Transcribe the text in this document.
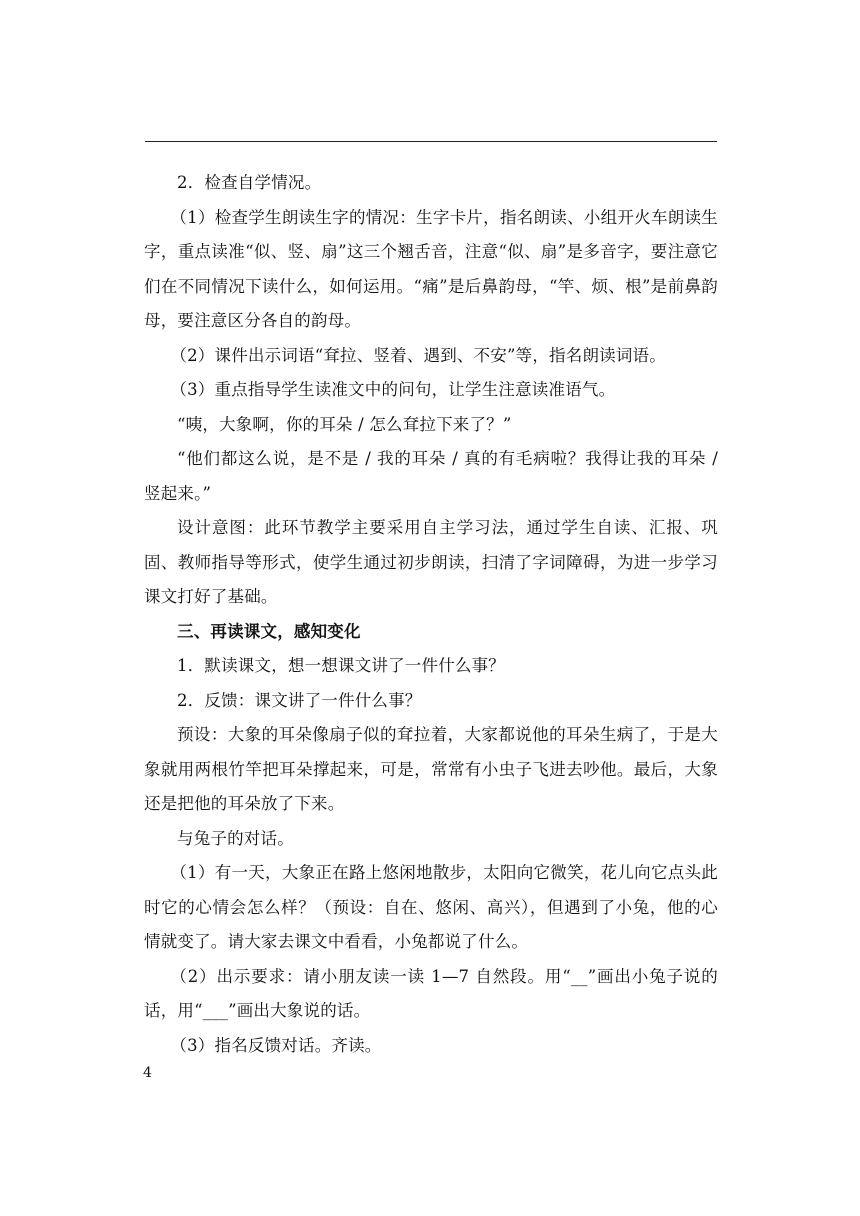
2．检查自学情况。

（1）检查学生朗读生字的情况：生字卡片，指名朗读、小组开火车朗读生字，重点读准“似、竖、扇”这三个翘舌音，注意“似、扇”是多音字，要注意它们在不同情况下读什么，如何运用。“痛”是后鼻韵母，“竿、烦、根”是前鼻韵母，要注意区分各自的韵母。

（2）课件出示词语“耷拉、竖着、遇到、不安”等，指名朗读词语。

（3）重点指导学生读准文中的问句，让学生注意读准语气。

“咦，大象啊，你的耳朵 / 怎么耷拉下来了？”

“他们都这么说，是不是 / 我的耳朵 / 真的有毛病啦？我得让我的耳朵 / 竖起来。”

设计意图：此环节教学主要采用自主学习法，通过学生自读、汇报、巩固、教师指导等形式，使学生通过初步朗读，扫清了字词障碍，为进一步学习课文打好了基础。

三、再读课文，感知变化

1．默读课文，想一想课文讲了一件什么事？

2．反馈：课文讲了一件什么事？

预设：大象的耳朵像扇子似的耷拉着，大家都说他的耳朵生病了，于是大象就用两根竹竿把耳朵撑起来，可是，常常有小虫子飞进去吵他。最后，大象还是把他的耳朵放了下来。

与兔子的对话。

（1）有一天，大象正在路上悠闲地散步，太阳向它微笑，花儿向它点头此时它的心情会怎么样？（预设：自在、悠闲、高兴），但遇到了小兔，他的心情就变了。请大家去课文中看看，小兔都说了什么。

（2）出示要求：请小朋友读一读 1—7 自然段。用“__”画出小兔子说的话，用“___”画出大象说的话。

（3）指名反馈对话。齐读。

4
